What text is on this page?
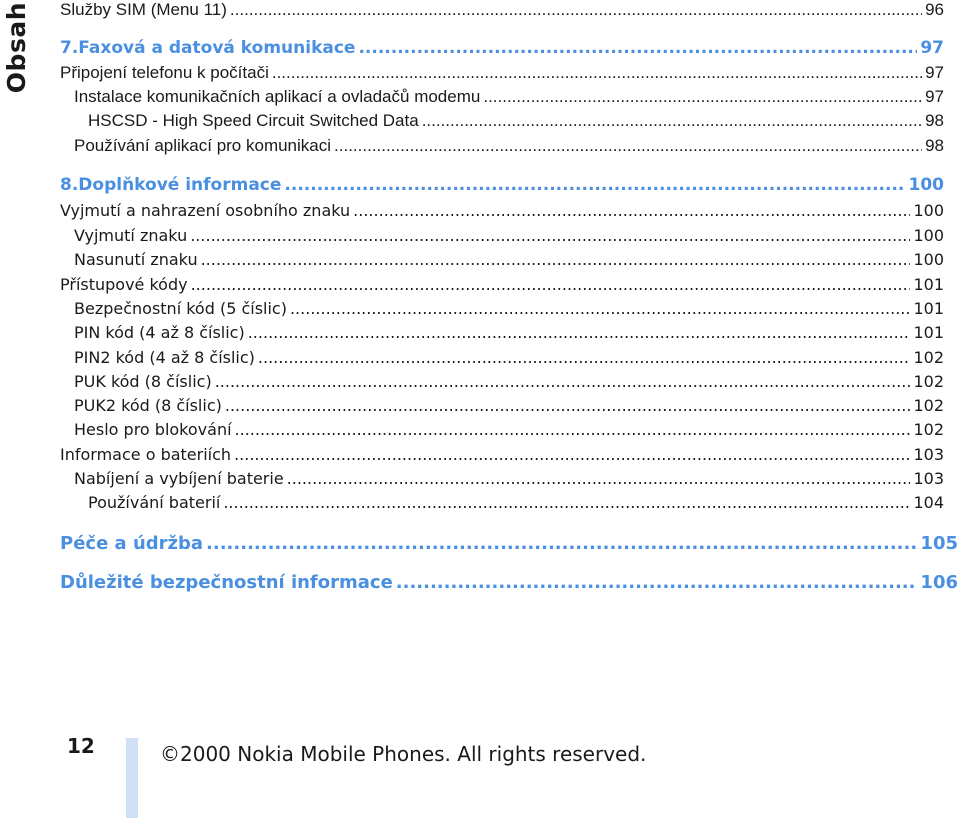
Obsah Služby SIM (Menu 11) .....	96
7.Faxová a datová komunikace .....	97
Připojení telefonu k počítači .....	97
Instalace komunikačních aplikací a ovladačů modemu .....	97
HSCSD - High Speed Circuit Switched Data .....	98
Používání aplikací pro komunikaci .....	98
8.Doplňkové informace .....	100
Vyjmutí a nahrazení osobního znaku .....	100
Vyjmutí znaku .....	100
Nasunutí znaku .....	100
Přístupové kódy .....	101
Bezpečnostní kód (5 číslic) .....	101
PIN kód (4 až 8 číslic) .....	101
PIN2 kód (4 až 8 číslic) .....	102
PUK kód (8 číslic) .....	102
PUK2 kód (8 číslic) .....	102
Heslo pro blokování .....	102
Informace o bateriích .....	103
Nabíjení a vybíjení baterie .....	103
Používání baterií .....	104
Péče a údržba .....	105
Důležité bezpečnostní informace .....	106
12	©2000 Nokia Mobile Phones. All rights reserved.
